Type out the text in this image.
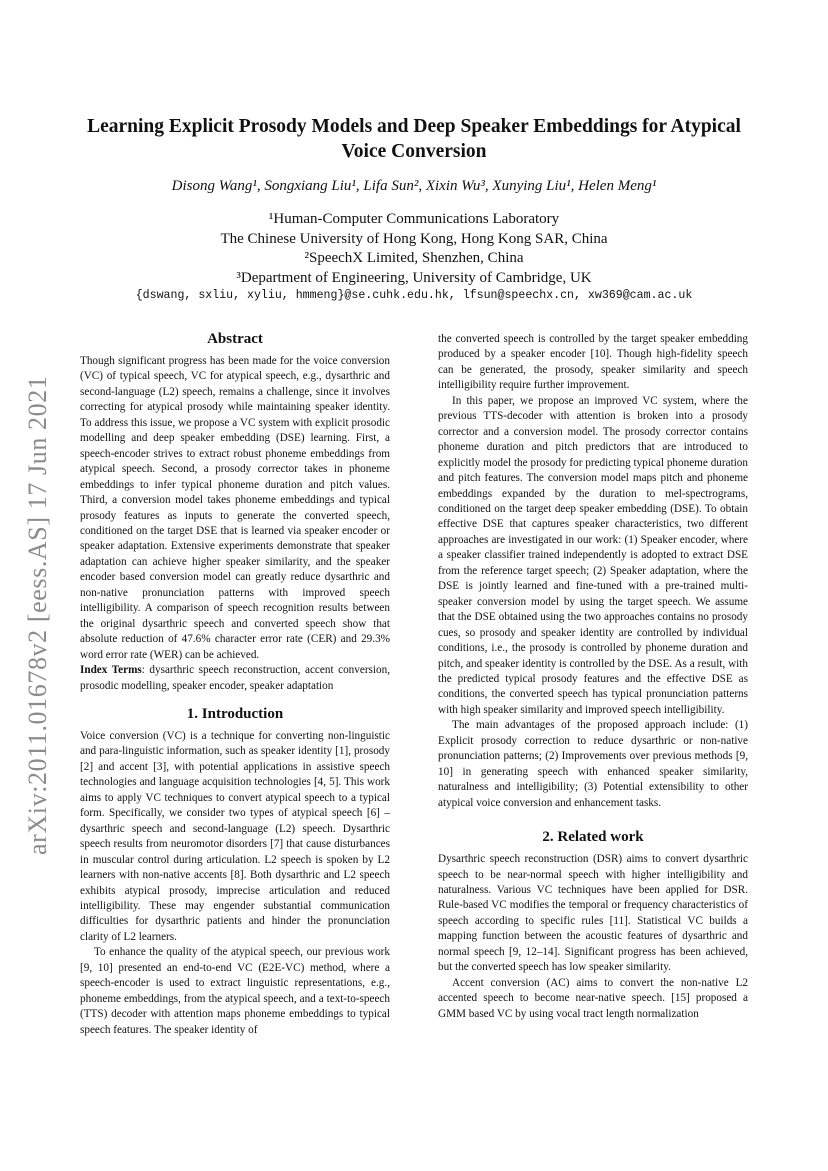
arXiv:2011.01678v2 [eess.AS] 17 Jun 2021
Learning Explicit Prosody Models and Deep Speaker Embeddings for Atypical Voice Conversion

Disong Wang¹, Songxiang Liu¹, Lifa Sun², Xixin Wu³, Xunying Liu¹, Helen Meng¹

¹Human-Computer Communications Laboratory
The Chinese University of Hong Kong, Hong Kong SAR, China
²SpeechX Limited, Shenzhen, China
³Department of Engineering, University of Cambridge, UK

{dswang, sxliu, xyliu, hmmeng}@se.cuhk.edu.hk, lfsun@speechx.cn, xw369@cam.ac.uk

Abstract

Though significant progress has been made for the voice conversion (VC) of typical speech, VC for atypical speech, e.g., dysarthric and second-language (L2) speech, remains a challenge, since it involves correcting for atypical prosody while maintaining speaker identity. To address this issue, we propose a VC system with explicit prosodic modelling and deep speaker embedding (DSE) learning. First, a speech-encoder strives to extract robust phoneme embeddings from atypical speech. Second, a prosody corrector takes in phoneme embeddings to infer typical phoneme duration and pitch values. Third, a conversion model takes phoneme embeddings and typical prosody features as inputs to generate the converted speech, conditioned on the target DSE that is learned via speaker encoder or speaker adaptation. Extensive experiments demonstrate that speaker adaptation can achieve higher speaker similarity, and the speaker encoder based conversion model can greatly reduce dysarthric and non-native pronunciation patterns with improved speech intelligibility. A comparison of speech recognition results between the original dysarthric speech and converted speech show that absolute reduction of 47.6% character error rate (CER) and 29.3% word error rate (WER) can be achieved.

Index Terms: dysarthric speech reconstruction, accent conversion, prosodic modelling, speaker encoder, speaker adaptation

1. Introduction

Voice conversion (VC) is a technique for converting non-linguistic and para-linguistic information, such as speaker identity [1], prosody [2] and accent [3], with potential applications in assistive speech technologies and language acquisition technologies [4, 5]. This work aims to apply VC techniques to convert atypical speech to a typical form. Specifically, we consider two types of atypical speech [6] – dysarthric speech and second-language (L2) speech. Dysarthric speech results from neuromotor disorders [7] that cause disturbances in muscular control during articulation. L2 speech is spoken by L2 learners with non-native accents [8]. Both dysarthric and L2 speech exhibits atypical prosody, imprecise articulation and reduced intelligibility. These may engender substantial communication difficulties for dysarthric patients and hinder the pronunciation clarity of L2 learners.

To enhance the quality of the atypical speech, our previous work [9, 10] presented an end-to-end VC (E2E-VC) method, where a speech-encoder is used to extract linguistic representations, e.g., phoneme embeddings, from the atypical speech, and a text-to-speech (TTS) decoder with attention maps phoneme embeddings to typical speech features. The speaker identity of

the converted speech is controlled by the target speaker embedding produced by a speaker encoder [10]. Though high-fidelity speech can be generated, the prosody, speaker similarity and speech intelligibility require further improvement.

In this paper, we propose an improved VC system, where the previous TTS-decoder with attention is broken into a prosody corrector and a conversion model. The prosody corrector contains phoneme duration and pitch predictors that are introduced to explicitly model the prosody for predicting typical phoneme duration and pitch features. The conversion model maps pitch and phoneme embeddings expanded by the duration to mel-spectrograms, conditioned on the target deep speaker embedding (DSE). To obtain effective DSE that captures speaker characteristics, two different approaches are investigated in our work: (1) Speaker encoder, where a speaker classifier trained independently is adopted to extract DSE from the reference target speech; (2) Speaker adaptation, where the DSE is jointly learned and fine-tuned with a pre-trained multi-speaker conversion model by using the target speech. We assume that the DSE obtained using the two approaches contains no prosody cues, so prosody and speaker identity are controlled by individual conditions, i.e., the prosody is controlled by phoneme duration and pitch, and speaker identity is controlled by the DSE. As a result, with the predicted typical prosody features and the effective DSE as conditions, the converted speech has typical pronunciation patterns with high speaker similarity and improved speech intelligibility.

The main advantages of the proposed approach include: (1) Explicit prosody correction to reduce dysarthric or non-native pronunciation patterns; (2) Improvements over previous methods [9, 10] in generating speech with enhanced speaker similarity, naturalness and intelligibility; (3) Potential extensibility to other atypical voice conversion and enhancement tasks.

2. Related work

Dysarthric speech reconstruction (DSR) aims to convert dysarthric speech to be near-normal speech with higher intelligibility and naturalness. Various VC techniques have been applied for DSR. Rule-based VC modifies the temporal or frequency characteristics of speech according to specific rules [11]. Statistical VC builds a mapping function between the acoustic features of dysarthric and normal speech [9, 12–14]. Significant progress has been achieved, but the converted speech has low speaker similarity.

Accent conversion (AC) aims to convert the non-native L2 accented speech to become near-native speech. [15] proposed a GMM based VC by using vocal tract length normalization
